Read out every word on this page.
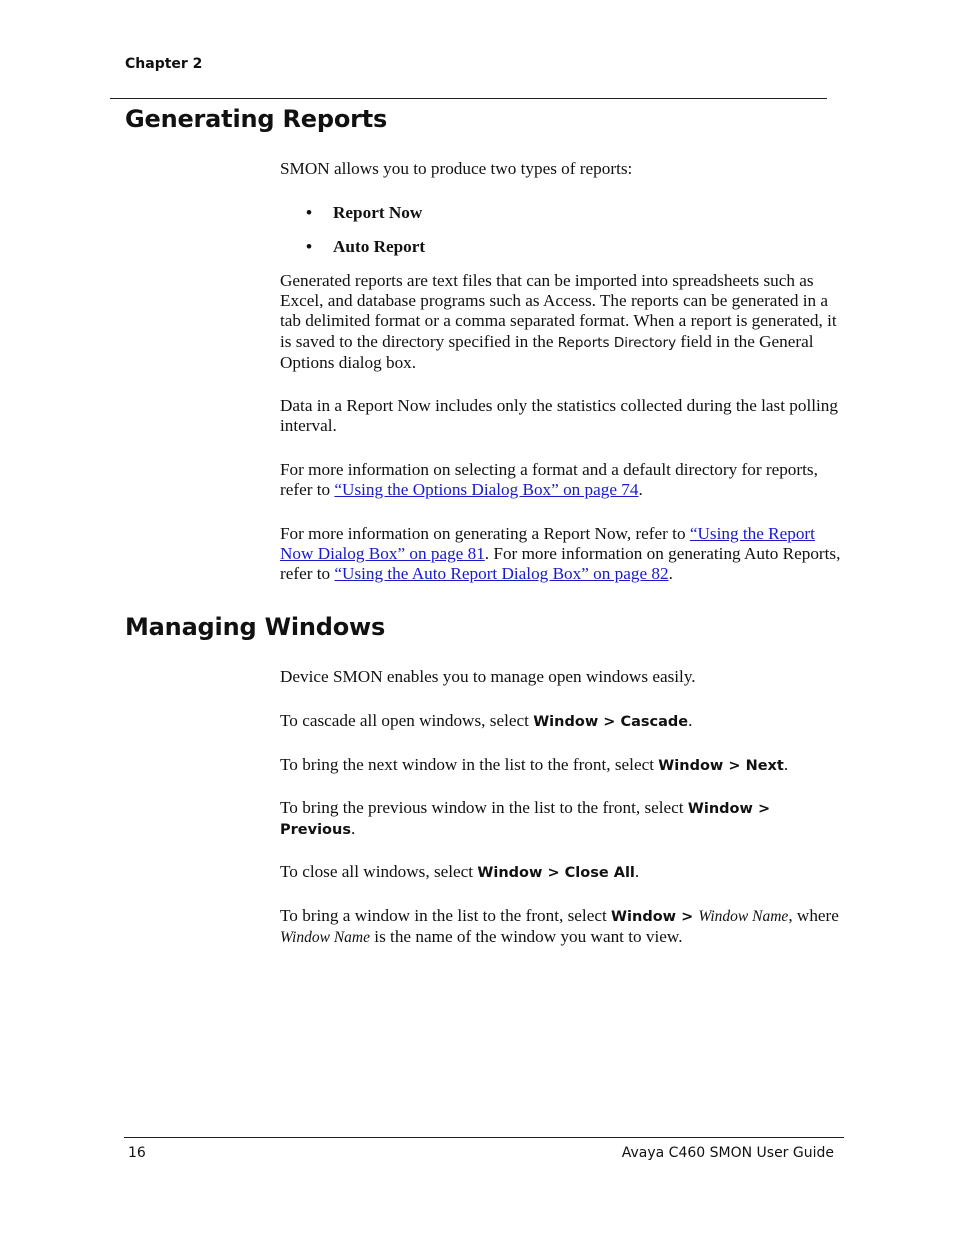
Chapter 2
Generating Reports

SMON allows you to produce two types of reports:

• Report Now
• Auto Report

Generated reports are text files that can be imported into spreadsheets such as Excel, and database programs such as Access. The reports can be generated in a tab delimited format or a comma separated format. When a report is generated, it is saved to the directory specified in the Reports Directory field in the General Options dialog box.

Data in a Report Now includes only the statistics collected during the last polling interval.

For more information on selecting a format and a default directory for reports, refer to “Using the Options Dialog Box” on page 74.

For more information on generating a Report Now, refer to “Using the Report Now Dialog Box” on page 81. For more information on generating Auto Reports, refer to “Using the Auto Report Dialog Box” on page 82.

Managing Windows

Device SMON enables you to manage open windows easily.

To cascade all open windows, select Window > Cascade.

To bring the next window in the list to the front, select Window > Next.

To bring the previous window in the list to the front, select Window > Previous.

To close all windows, select Window > Close All.

To bring a window in the list to the front, select Window > Window Name, where Window Name is the name of the window you want to view.

16	Avaya C460 SMON User Guide
